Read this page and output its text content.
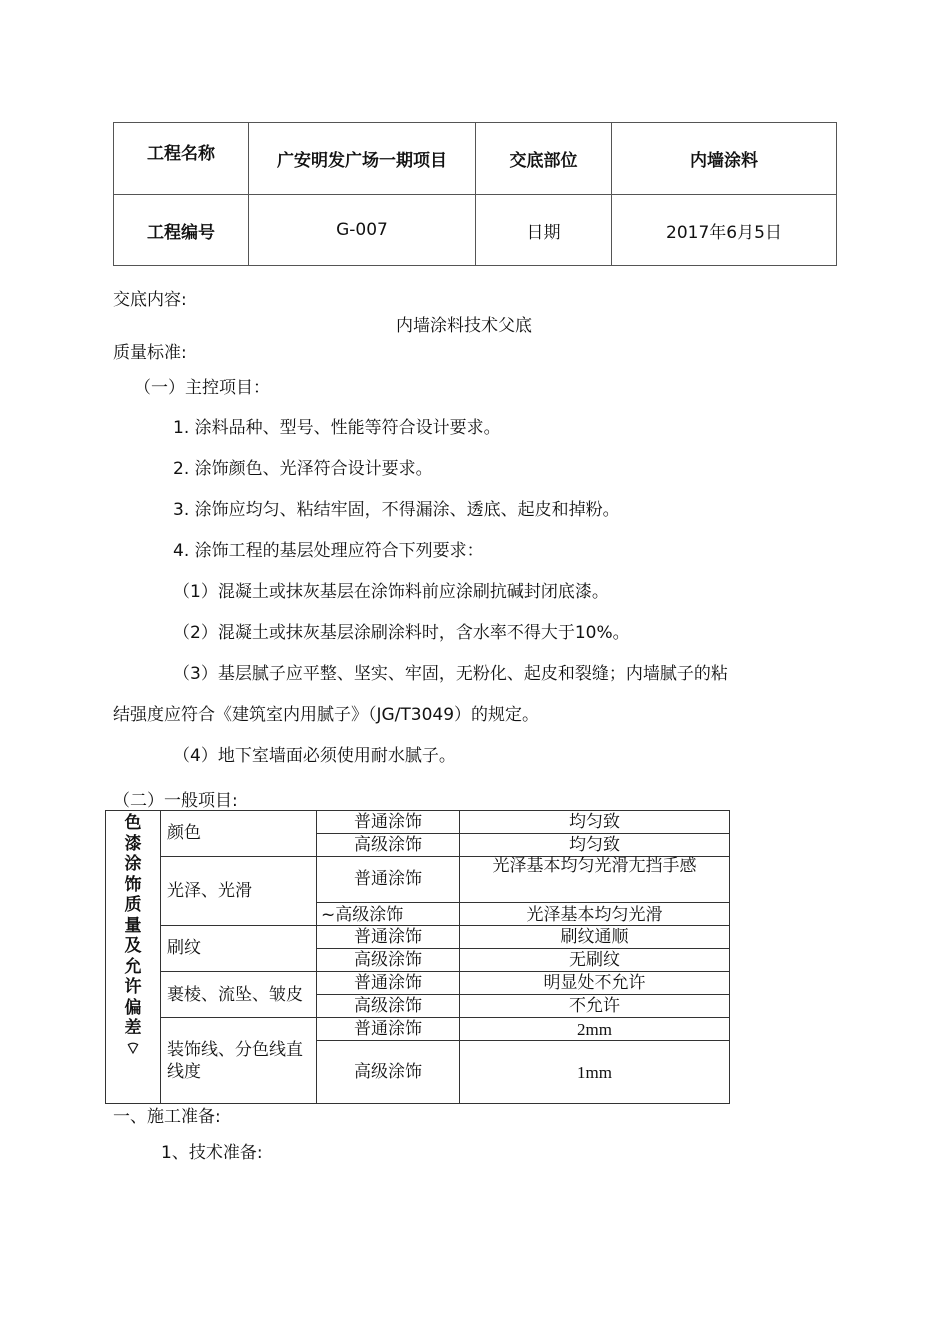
工程名称	广安明发广场一期项目	交底部位	内墙涂料
工程编号	G-007	日期	2017年6月5日
交底内容:
内墙涂料技术父底
质量标准:
（一）主控项目：
1. 涂料品种、型号、性能等符合设计要求。
2. 涂饰颜色、光泽符合设计要求。
3. 涂饰应均匀、粘结牢固，不得漏涂、透底、起皮和掉粉。
4. 涂饰工程的基层处理应符合下列要求：
（1）混凝土或抹灰基层在涂饰料前应涂刷抗碱封闭底漆。
（2）混凝土或抹灰基层涂刷涂料时，含水率不得大于10%。
（3）基层腻子应平整、坚实、牢固，无粉化、起皮和裂缝；内墙腻子的粘
结强度应符合《建筑室内用腻子》（JG/T3049）的规定。
（4）地下室墙面必须使用耐水腻子。
（二）一般项目:
色漆涂饰质量及允许偏差⌔	颜色	普通涂饰	均匀致
		高级涂饰	均匀致
	光泽、光滑	普通涂饰	光泽基本均匀光滑尢挡手感
		~高级涂饰	光泽基本均匀光滑
	刷纹	普通涂饰	刷纹通顺
		高级涂饰	无刷纹
	裹棱、流坠、皱皮	普通涂饰	明显处不允许
		高级涂饰	不允许
	装饰线、分色线直线度	普通涂饰	2mm
		高级涂饰	1mm
一、施工准备:
1、技术准备:
